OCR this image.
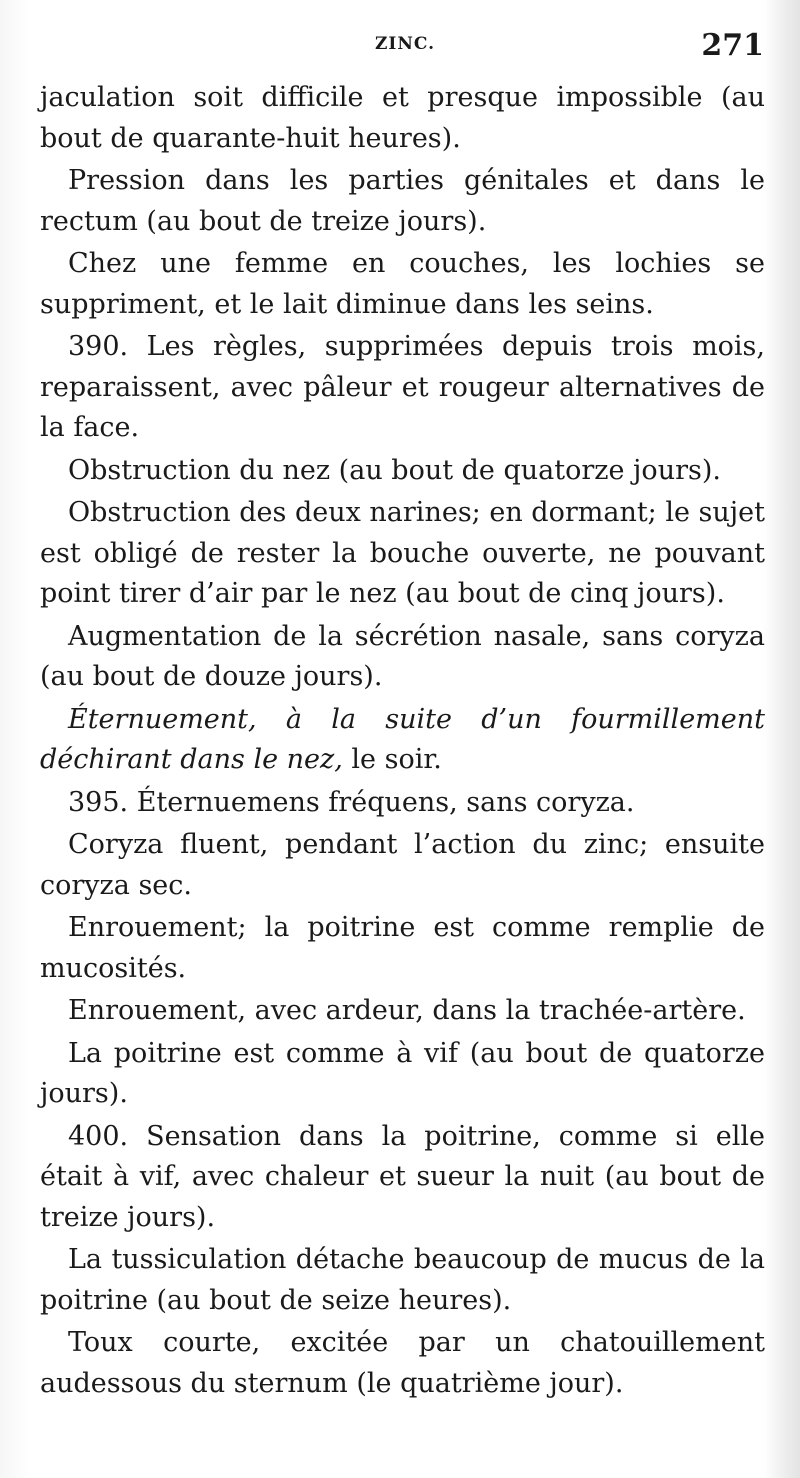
ZINC.	271

jaculation soit difficile et presque impossible (au bout de quarante-huit heures).

Pression dans les parties génitales et dans le rectum (au bout de treize jours).

Chez une femme en couches, les lochies se suppriment, et le lait diminue dans les seins.

390. Les règles, supprimées depuis trois mois, reparaissent, avec pâleur et rougeur alternatives de la face.

Obstruction du nez (au bout de quatorze jours).

Obstruction des deux narines; en dormant; le sujet est obligé de rester la bouche ouverte, ne pouvant point tirer d’air par le nez (au bout de cinq jours).

Augmentation de la sécrétion nasale, sans coryza (au bout de douze jours).

Éternuement, à la suite d’un fourmillement déchirant dans le nez, le soir.

395. Éternuemens fréquens, sans coryza.

Coryza fluent, pendant l’action du zinc; ensuite coryza sec.

Enrouement; la poitrine est comme remplie de mucosités.

Enrouement, avec ardeur, dans la trachée-artère.

La poitrine est comme à vif (au bout de quatorze jours).

400. Sensation dans la poitrine, comme si elle était à vif, avec chaleur et sueur la nuit (au bout de treize jours).

La tussiculation détache beaucoup de mucus de la poitrine (au bout de seize heures).

Toux courte, excitée par un chatouillement audessous du sternum (le quatrième jour).
